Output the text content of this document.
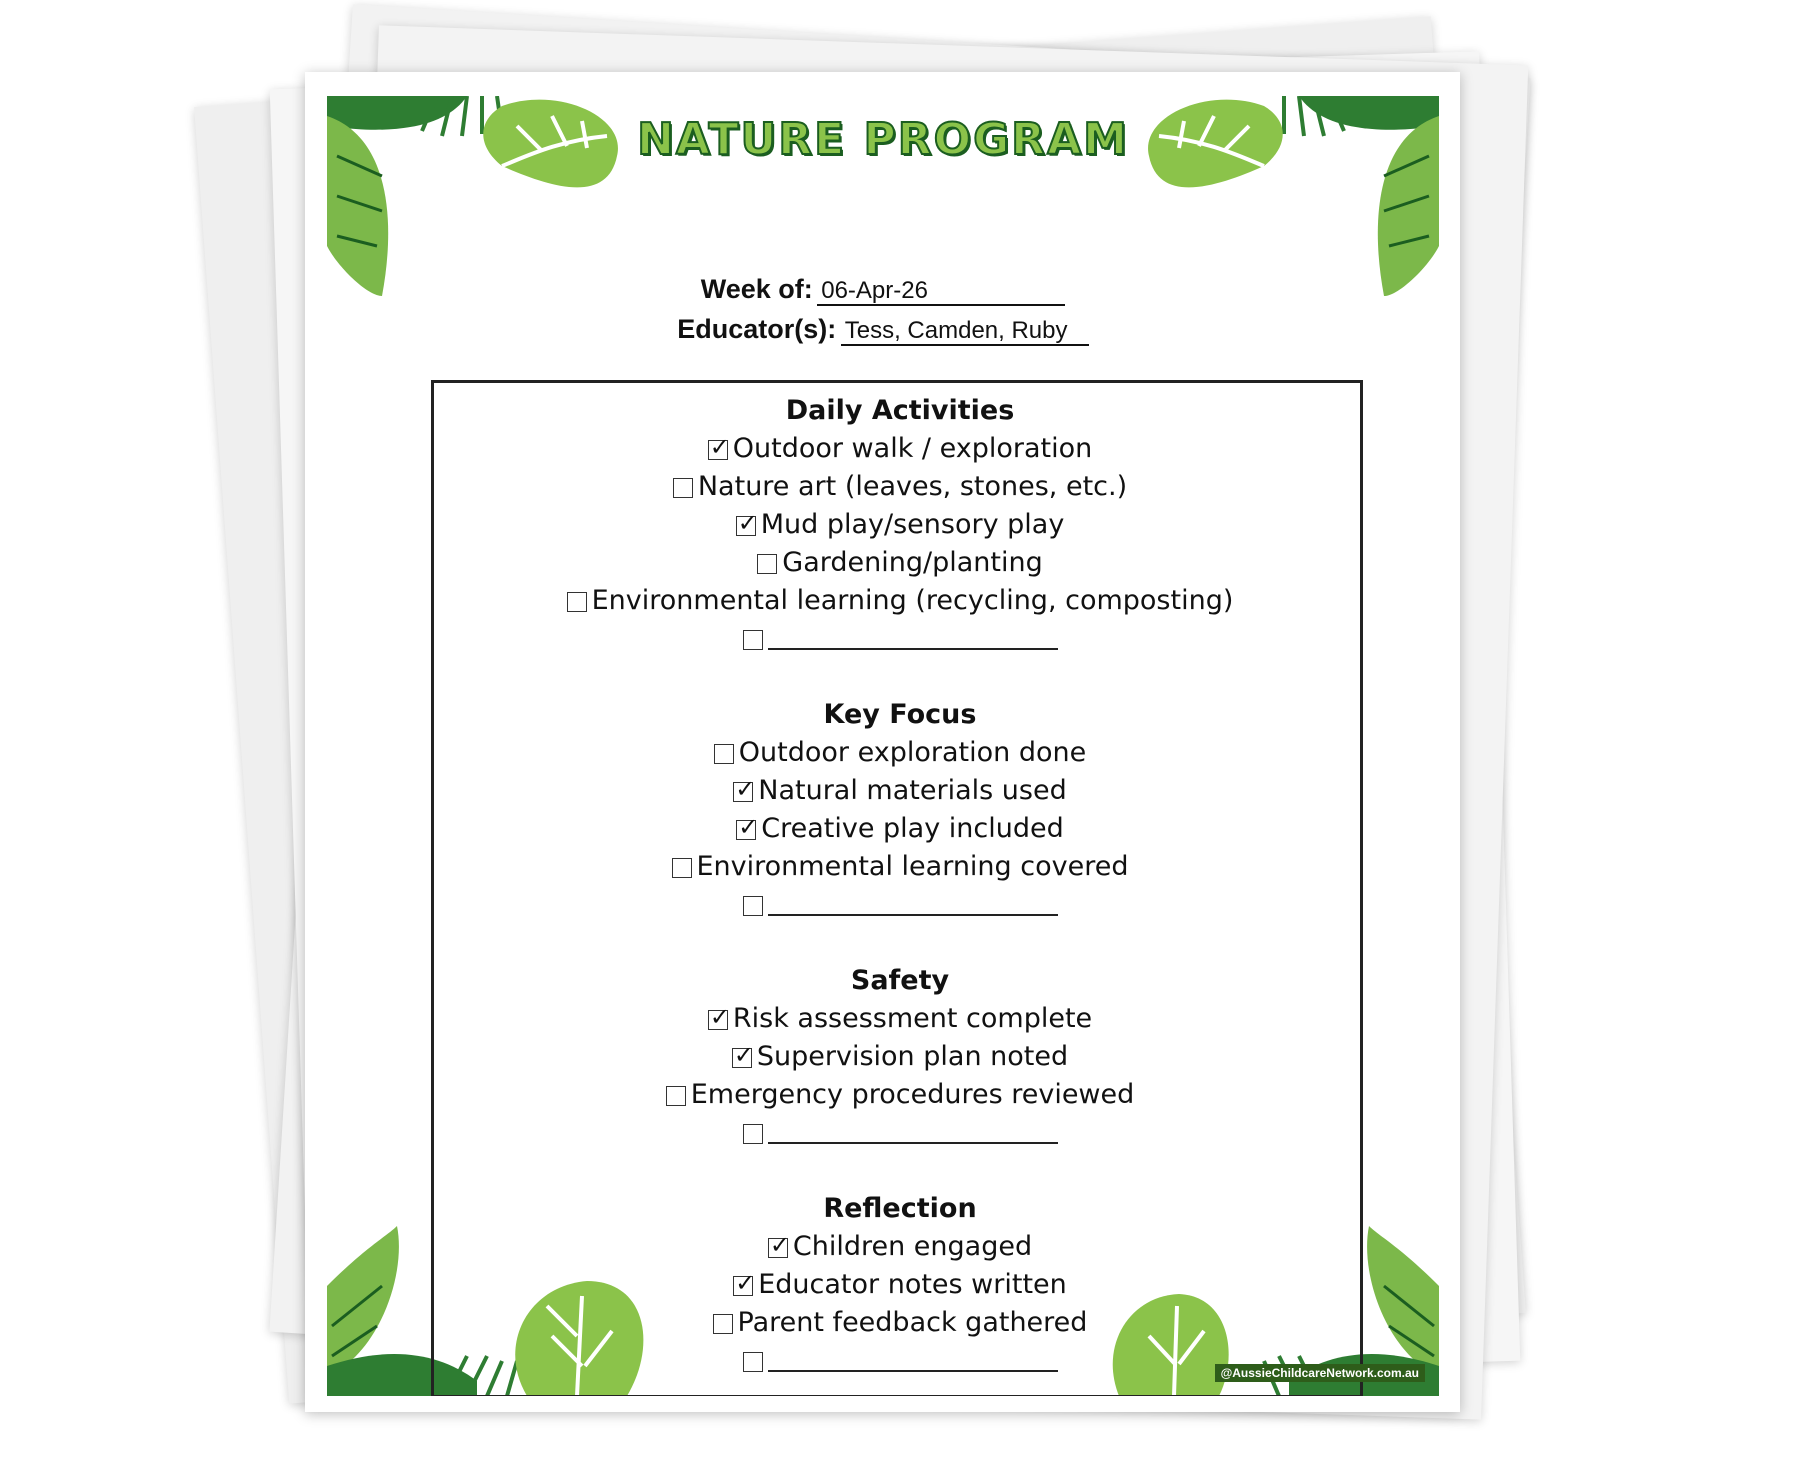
NATURE PROGRAM
Week of: 06-Apr-26
Educator(s): Tess, Camden, Ruby
Daily Activities
✓Outdoor walk / exploration
Nature art (leaves, stones, etc.)
✓Mud play/sensory play
Gardening/planting
Environmental learning (recycling, composting)
Key Focus
Outdoor exploration done
✓Natural materials used
✓Creative play included
Environmental learning covered
Safety
✓Risk assessment complete
✓Supervision plan noted
Emergency procedures reviewed
Reflection
✓Children engaged
✓Educator notes written
Parent feedback gathered
@AussieChildcareNetwork.com.au
